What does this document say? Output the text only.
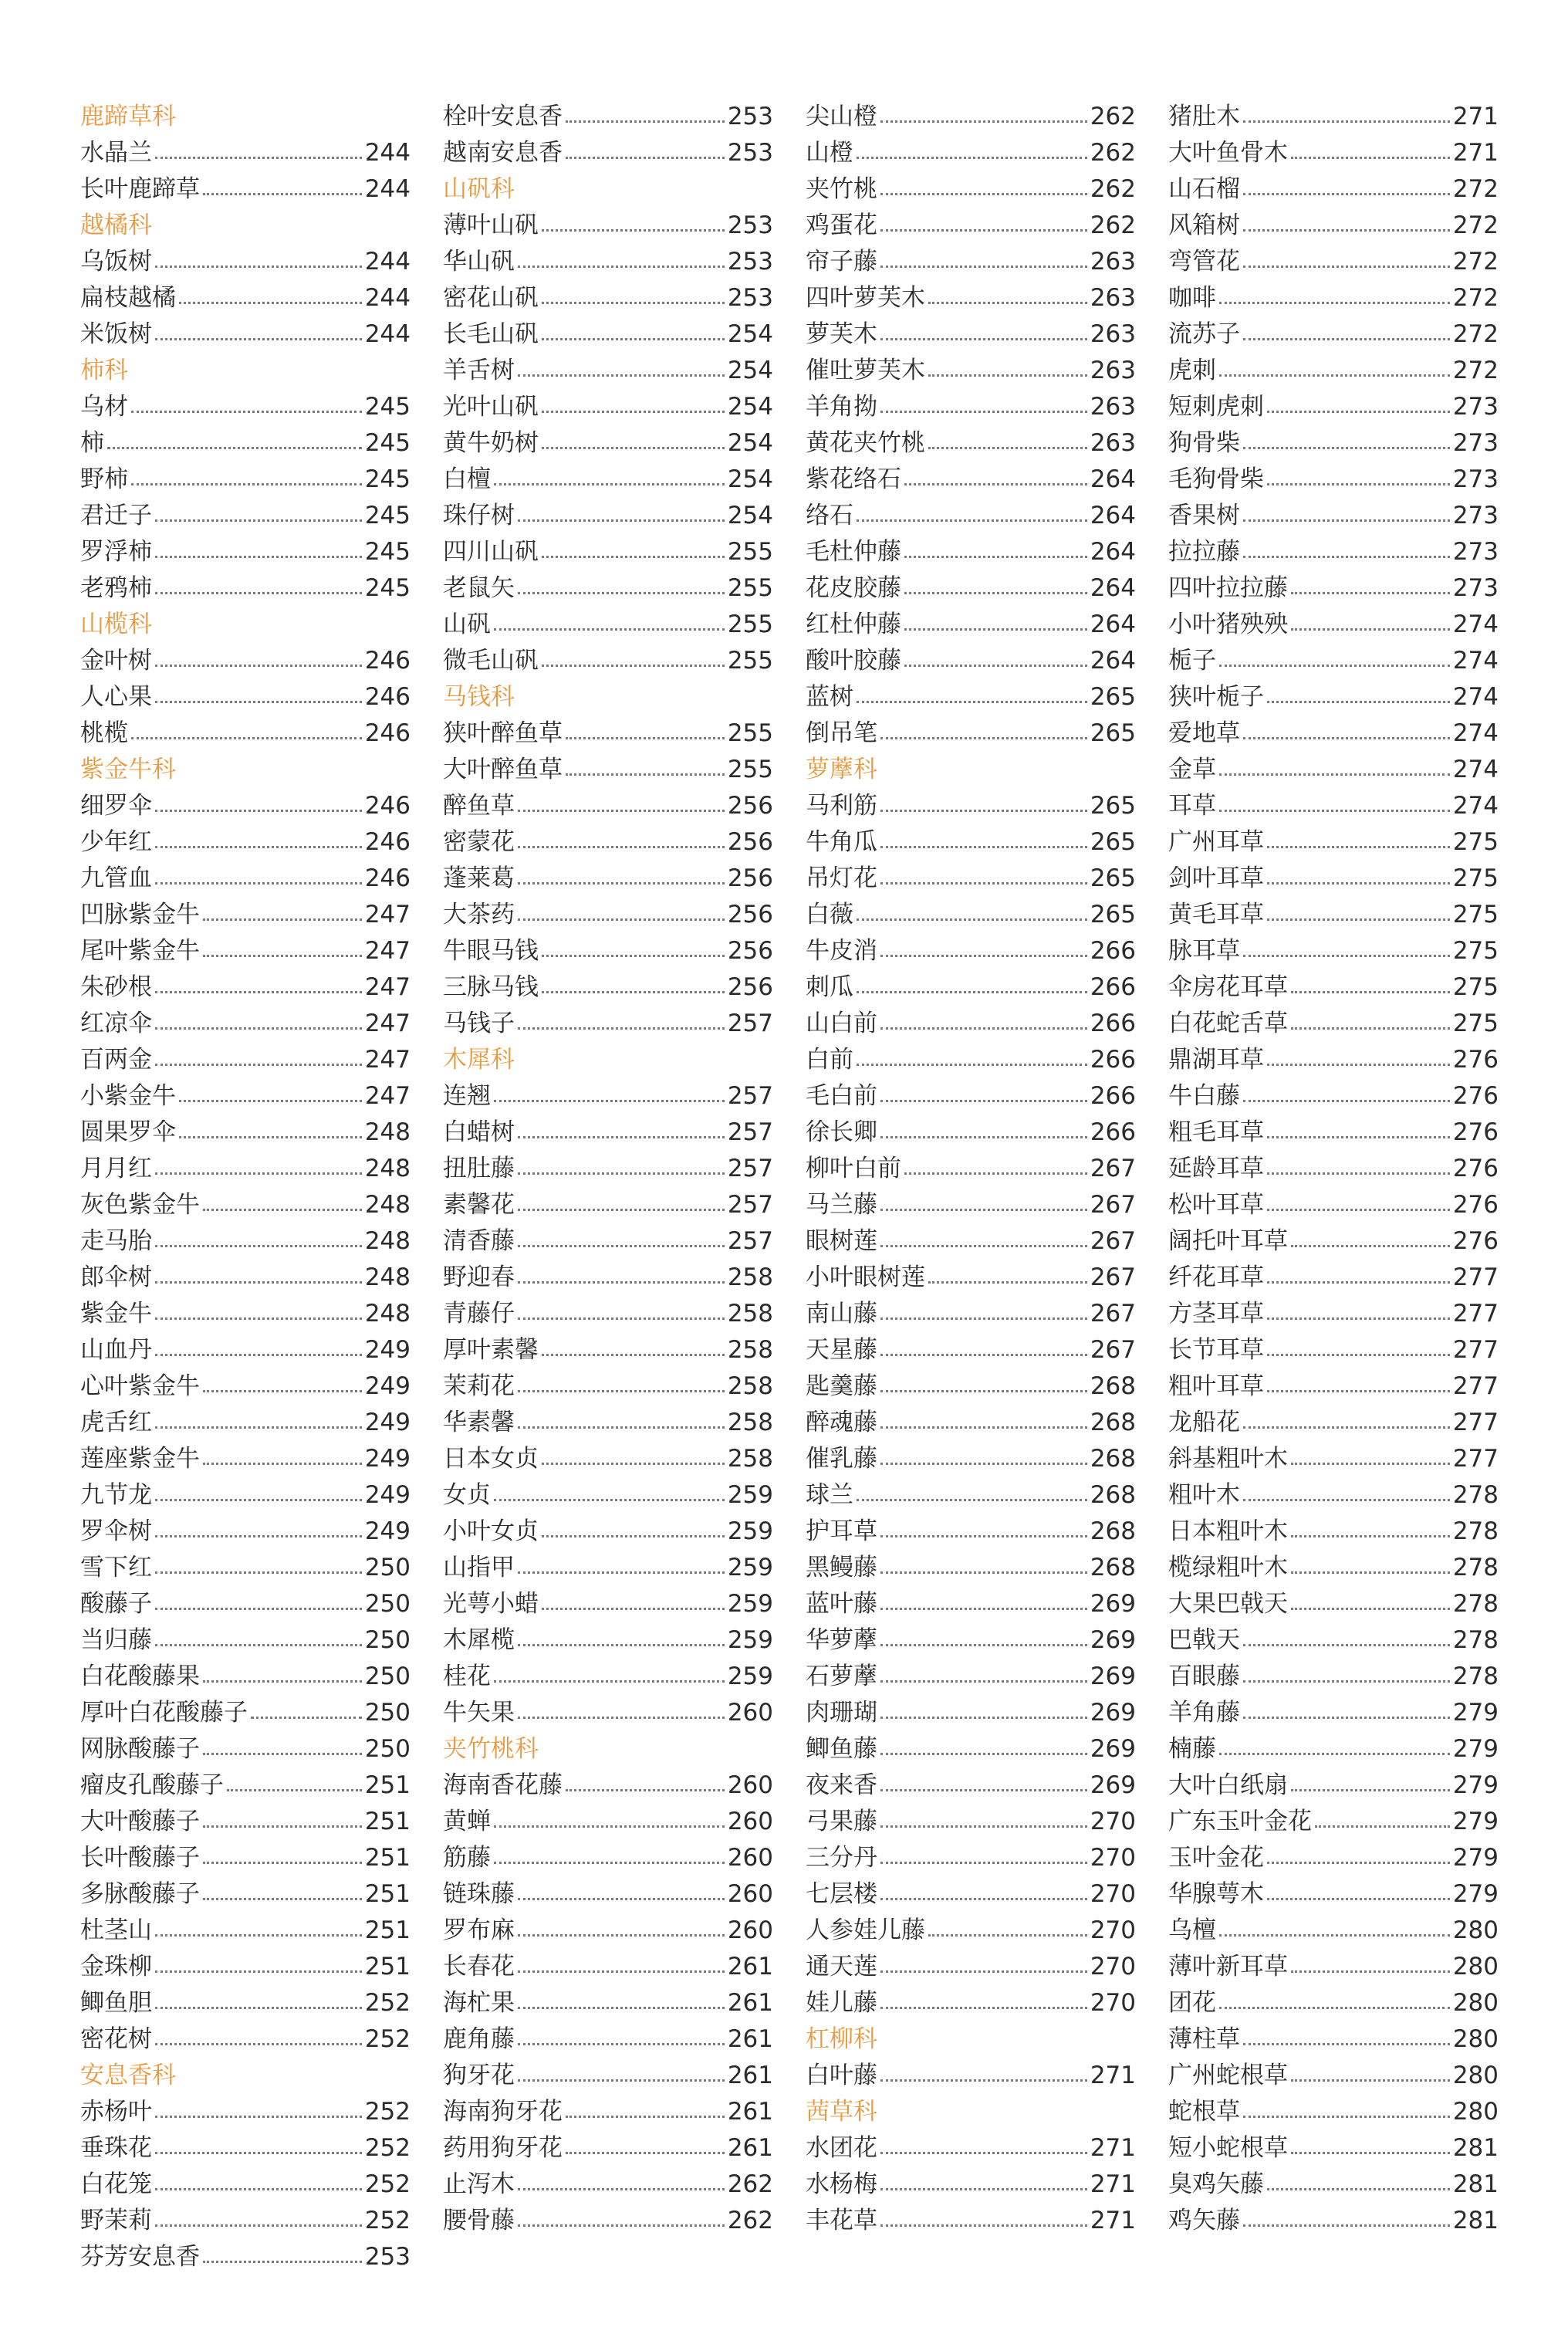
鹿蹄草科
水晶兰	244
长叶鹿蹄草	244
越橘科
乌饭树	244
扁枝越橘	244
米饭树	244
柿科
乌材	245
柿	245
野柿	245
君迁子	245
罗浮柿	245
老鸦柿	245
山榄科
金叶树	246
人心果	246
桃榄	246
紫金牛科
细罗伞	246
少年红	246
九管血	246
凹脉紫金牛	247
尾叶紫金牛	247
朱砂根	247
红凉伞	247
百两金	247
小紫金牛	247
圆果罗伞	248
月月红	248
灰色紫金牛	248
走马胎	248
郎伞树	248
紫金牛	248
山血丹	249
心叶紫金牛	249
虎舌红	249
莲座紫金牛	249
九节龙	249
罗伞树	249
雪下红	250
酸藤子	250
当归藤	250
白花酸藤果	250
厚叶白花酸藤子	250
网脉酸藤子	250
瘤皮孔酸藤子	251
大叶酸藤子	251
长叶酸藤子	251
多脉酸藤子	251
杜茎山	251
金珠柳	251
鲫鱼胆	252
密花树	252
安息香科
赤杨叶	252
垂珠花	252
白花笼	252
野茉莉	252
芬芳安息香	253
栓叶安息香	253
越南安息香	253
山矾科
薄叶山矾	253
华山矾	253
密花山矾	253
长毛山矾	254
羊舌树	254
光叶山矾	254
黄牛奶树	254
白檀	254
珠仔树	254
四川山矾	255
老鼠矢	255
山矾	255
微毛山矾	255
马钱科
狭叶醉鱼草	255
大叶醉鱼草	255
醉鱼草	256
密蒙花	256
蓬莱葛	256
大茶药	256
牛眼马钱	256
三脉马钱	256
马钱子	257
木犀科
连翘	257
白蜡树	257
扭肚藤	257
素馨花	257
清香藤	257
野迎春	258
青藤仔	258
厚叶素馨	258
茉莉花	258
华素馨	258
日本女贞	258
女贞	259
小叶女贞	259
山指甲	259
光萼小蜡	259
木犀榄	259
桂花	259
牛矢果	260
夹竹桃科
海南香花藤	260
黄蝉	260
筋藤	260
链珠藤	260
罗布麻	260
长春花	261
海杧果	261
鹿角藤	261
狗牙花	261
海南狗牙花	261
药用狗牙花	261
止泻木	262
腰骨藤	262
尖山橙	262
山橙	262
夹竹桃	262
鸡蛋花	262
帘子藤	263
四叶萝芙木	263
萝芙木	263
催吐萝芙木	263
羊角拗	263
黄花夹竹桃	263
紫花络石	264
络石	264
毛杜仲藤	264
花皮胶藤	264
红杜仲藤	264
酸叶胶藤	264
蓝树	265
倒吊笔	265
萝藦科
马利筋	265
牛角瓜	265
吊灯花	265
白薇	265
牛皮消	266
刺瓜	266
山白前	266
白前	266
毛白前	266
徐长卿	266
柳叶白前	267
马兰藤	267
眼树莲	267
小叶眼树莲	267
南山藤	267
天星藤	267
匙羹藤	268
醉魂藤	268
催乳藤	268
球兰	268
护耳草	268
黑鳗藤	268
蓝叶藤	269
华萝藦	269
石萝藦	269
肉珊瑚	269
鲫鱼藤	269
夜来香	269
弓果藤	270
三分丹	270
七层楼	270
人参娃儿藤	270
通天莲	270
娃儿藤	270
杠柳科
白叶藤	271
茜草科
水团花	271
水杨梅	271
丰花草	271
猪肚木	271
大叶鱼骨木	271
山石榴	272
风箱树	272
弯管花	272
咖啡	272
流苏子	272
虎刺	272
短刺虎刺	273
狗骨柴	273
毛狗骨柴	273
香果树	273
拉拉藤	273
四叶拉拉藤	273
小叶猪殃殃	274
栀子	274
狭叶栀子	274
爱地草	274
金草	274
耳草	274
广州耳草	275
剑叶耳草	275
黄毛耳草	275
脉耳草	275
伞房花耳草	275
白花蛇舌草	275
鼎湖耳草	276
牛白藤	276
粗毛耳草	276
延龄耳草	276
松叶耳草	276
阔托叶耳草	276
纤花耳草	277
方茎耳草	277
长节耳草	277
粗叶耳草	277
龙船花	277
斜基粗叶木	277
粗叶木	278
日本粗叶木	278
榄绿粗叶木	278
大果巴戟天	278
巴戟天	278
百眼藤	278
羊角藤	279
楠藤	279
大叶白纸扇	279
广东玉叶金花	279
玉叶金花	279
华腺萼木	279
乌檀	280
薄叶新耳草	280
团花	280
薄柱草	280
广州蛇根草	280
蛇根草	280
短小蛇根草	281
臭鸡矢藤	281
鸡矢藤	281
